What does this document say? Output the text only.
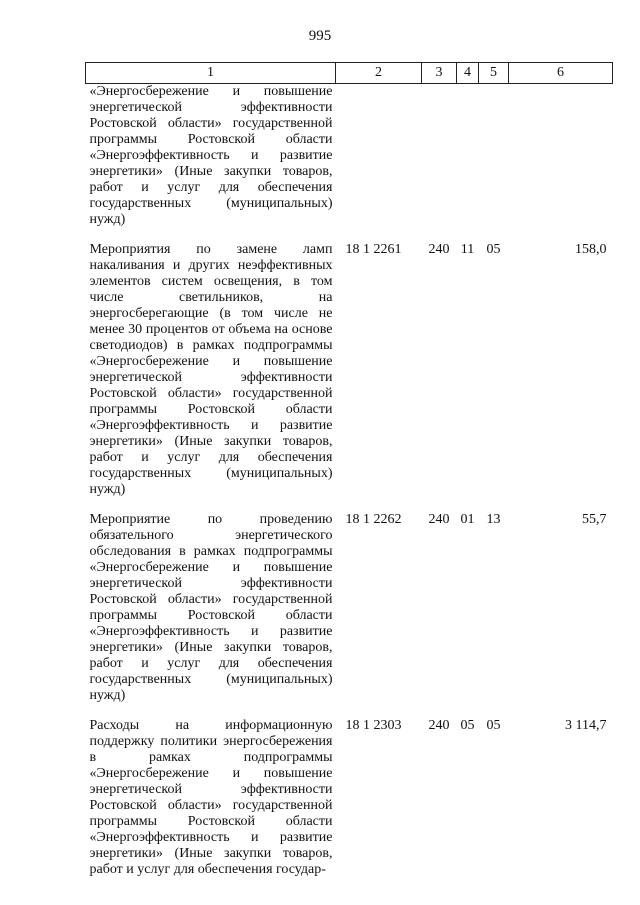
995
1	2	3	4	5	6
«Энергосбережение и повышение энергетической эффективности Ростовской области» государственной программы Ростовской области «Энергоэффективность и развитие энергетики» (Иные закупки товаров, работ и услуг для обеспечения государственных (муниципальных) нужд)					

Мероприятия по замене ламп накаливания и других неэффективных элементов систем освещения, в том числе светильников, на энергосберегающие (в том числе не менее 30 процентов от объема на основе светодиодов) в рамках подпрограммы «Энергосбережение и повышение энергетической эффективности Ростовской области» государственной программы Ростовской области «Энергоэффективность и развитие энергетики» (Иные закупки товаров, работ и услуг для обеспечения государственных (муниципальных) нужд)	18 1 2261	240	11	05	158,0

Мероприятие по проведению обязательного энергетического обследования в рамках подпрограммы «Энергосбережение и повышение энергетической эффективности Ростовской области» государственной программы Ростовской области «Энергоэффективность и развитие энергетики» (Иные закупки товаров, работ и услуг для обеспечения государственных (муниципальных) нужд)	18 1 2262	240	01	13	55,7

Расходы на информационную поддержку политики энергосбережения в рамках подпрограммы «Энергосбережение и повышение энергетической эффективности Ростовской области» государственной программы Ростовской области «Энергоэффективность и развитие энергетики» (Иные закупки товаров, работ и услуг для обеспечения государ-	18 1 2303	240	05	05	3 114,7
